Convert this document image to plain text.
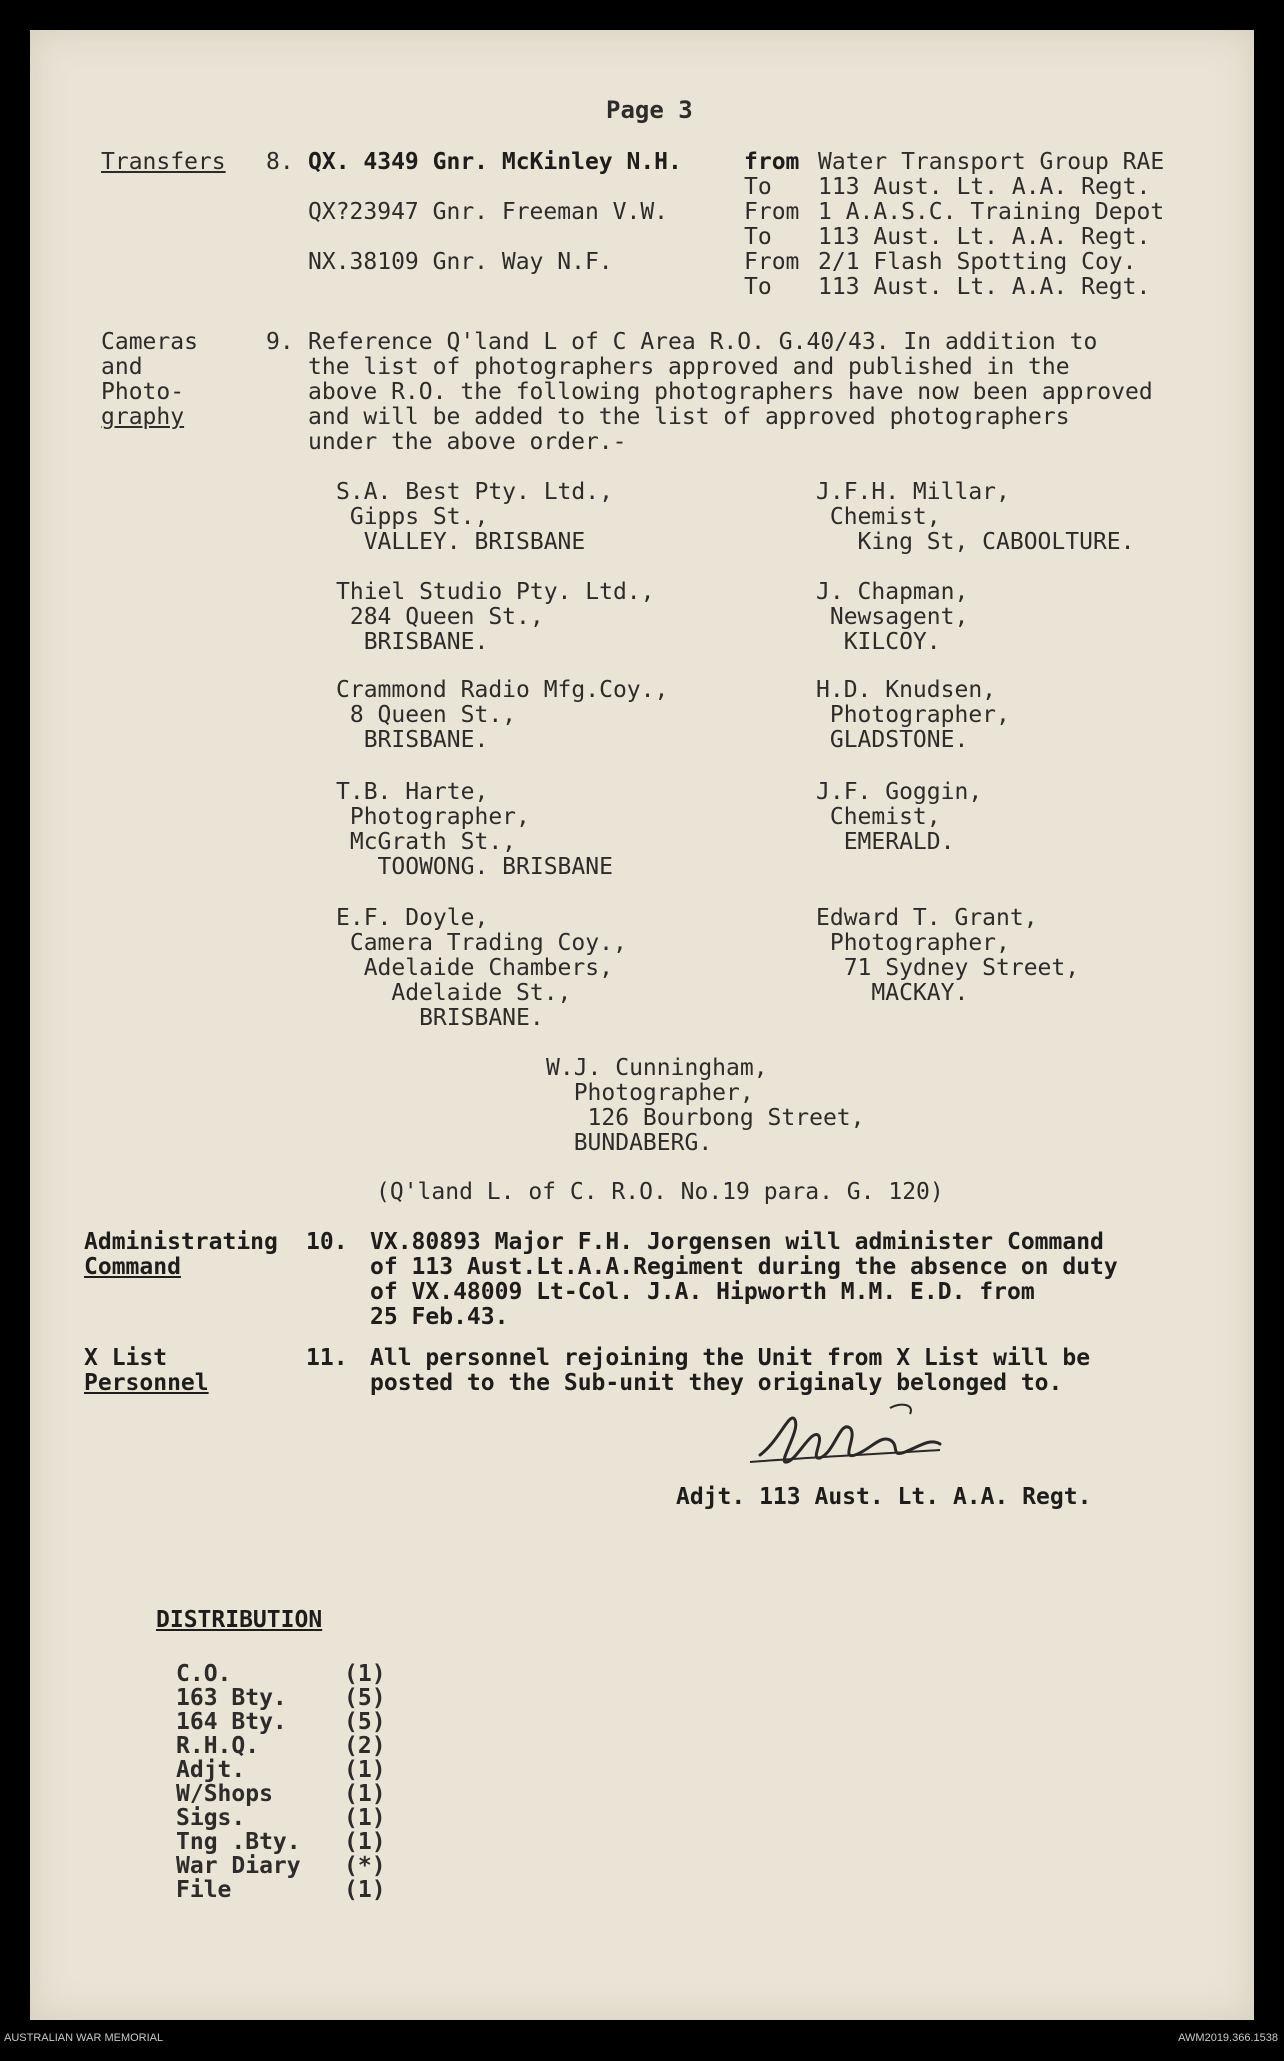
Page 3
Transfers 8. QX. 4349 Gnr. McKinley N.H.	from Water Transport Group RAE
To 113 Aust. Lt. A.A. Regt.
QX?23947 Gnr. Freeman V.W.	From 1 A.A.S.C. Training Depot
To 113 Aust. Lt. A.A. Regt.
NX.38109 Gnr. Way N.F.	From 2/1 Flash Spotting Coy.
To 113 Aust. Lt. A.A. Regt.
Cameras
and
Photo-
graphy
9. Reference Q'land L of C Area R.O. G.40/43. In addition to
the list of photographers approved and published in the
above R.O. the following photographers have now been approved
and will be added to the list of approved photographers
under the above order.-
S.A. Best Pty. Ltd.,
Gipps St.,
VALLEY. BRISBANE
Thiel Studio Pty. Ltd.,
284 Queen St.,
BRISBANE.
Crammond Radio Mfg.Coy.,
8 Queen St.,
BRISBANE.
T.B. Harte,
Photographer,
McGrath St.,
TOOWONG. BRISBANE
E.F. Doyle,
Camera Trading Coy.,
Adelaide Chambers,
Adelaide St.,
BRISBANE.
J.F.H. Millar,
Chemist,
King St, CABOOLTURE.
J. Chapman,
Newsagent,
KILCOY.
H.D. Knudsen,
Photographer,
GLADSTONE.
J.F. Goggin,
Chemist,
EMERALD.
Edward T. Grant,
Photographer,
71 Sydney Street,
MACKAY.
W.J. Cunningham,
Photographer,
126 Bourbong Street,
BUNDABERG.
(Q'land L. of C. R.O. No.19 para. G. 120)
Administrating
Command
10. VX.80893 Major F.H. Jorgensen will administer Command
of 113 Aust.Lt.A.A.Regiment during the absence on duty
of VX.48009 Lt-Col. J.A. Hipworth M.M. E.D. from
25 Feb.43.
X List
Personnel
11. All personnel rejoining the Unit from X List will be
posted to the Sub-unit they originaly belonged to.
Adjt. 113 Aust. Lt. A.A. Regt.
DISTRIBUTION
C.O.	(1)
163 Bty. (5)
164 Bty. (5)
R.H.Q.	(2)
Adjt.	(1)
W/Shops	(1)
Sigs.	(1)
Tng .Bty. (1)
War Diary (*)
File	(1)
AUSTRALIAN WAR MEMORIAL	AWM2019.366.1538
